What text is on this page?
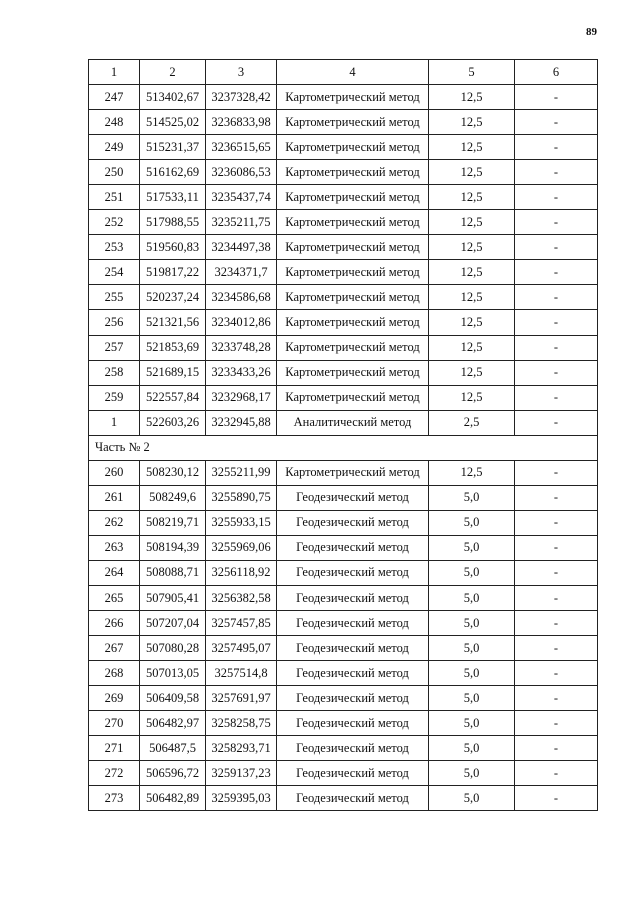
89
1	2	3	4	5	6
247	513402,67	3237328,42	Картометрический метод	12,5	-
248	514525,02	3236833,98	Картометрический метод	12,5	-
249	515231,37	3236515,65	Картометрический метод	12,5	-
250	516162,69	3236086,53	Картометрический метод	12,5	-
251	517533,11	3235437,74	Картометрический метод	12,5	-
252	517988,55	3235211,75	Картометрический метод	12,5	-
253	519560,83	3234497,38	Картометрический метод	12,5	-
254	519817,22	3234371,7	Картометрический метод	12,5	-
255	520237,24	3234586,68	Картометрический метод	12,5	-
256	521321,56	3234012,86	Картометрический метод	12,5	-
257	521853,69	3233748,28	Картометрический метод	12,5	-
258	521689,15	3233433,26	Картометрический метод	12,5	-
259	522557,84	3232968,17	Картометрический метод	12,5	-
1	522603,26	3232945,88	Аналитический метод	2,5	-
Часть № 2					
260	508230,12	3255211,99	Картометрический метод	12,5	-
261	508249,6	3255890,75	Геодезический метод	5,0	-
262	508219,71	3255933,15	Геодезический метод	5,0	-
263	508194,39	3255969,06	Геодезический метод	5,0	-
264	508088,71	3256118,92	Геодезический метод	5,0	-
265	507905,41	3256382,58	Геодезический метод	5,0	-
266	507207,04	3257457,85	Геодезический метод	5,0	-
267	507080,28	3257495,07	Геодезический метод	5,0	-
268	507013,05	3257514,8	Геодезический метод	5,0	-
269	506409,58	3257691,97	Геодезический метод	5,0	-
270	506482,97	3258258,75	Геодезический метод	5,0	-
271	506487,5	3258293,71	Геодезический метод	5,0	-
272	506596,72	3259137,23	Геодезический метод	5,0	-
273	506482,89	3259395,03	Геодезический метод	5,0	-
